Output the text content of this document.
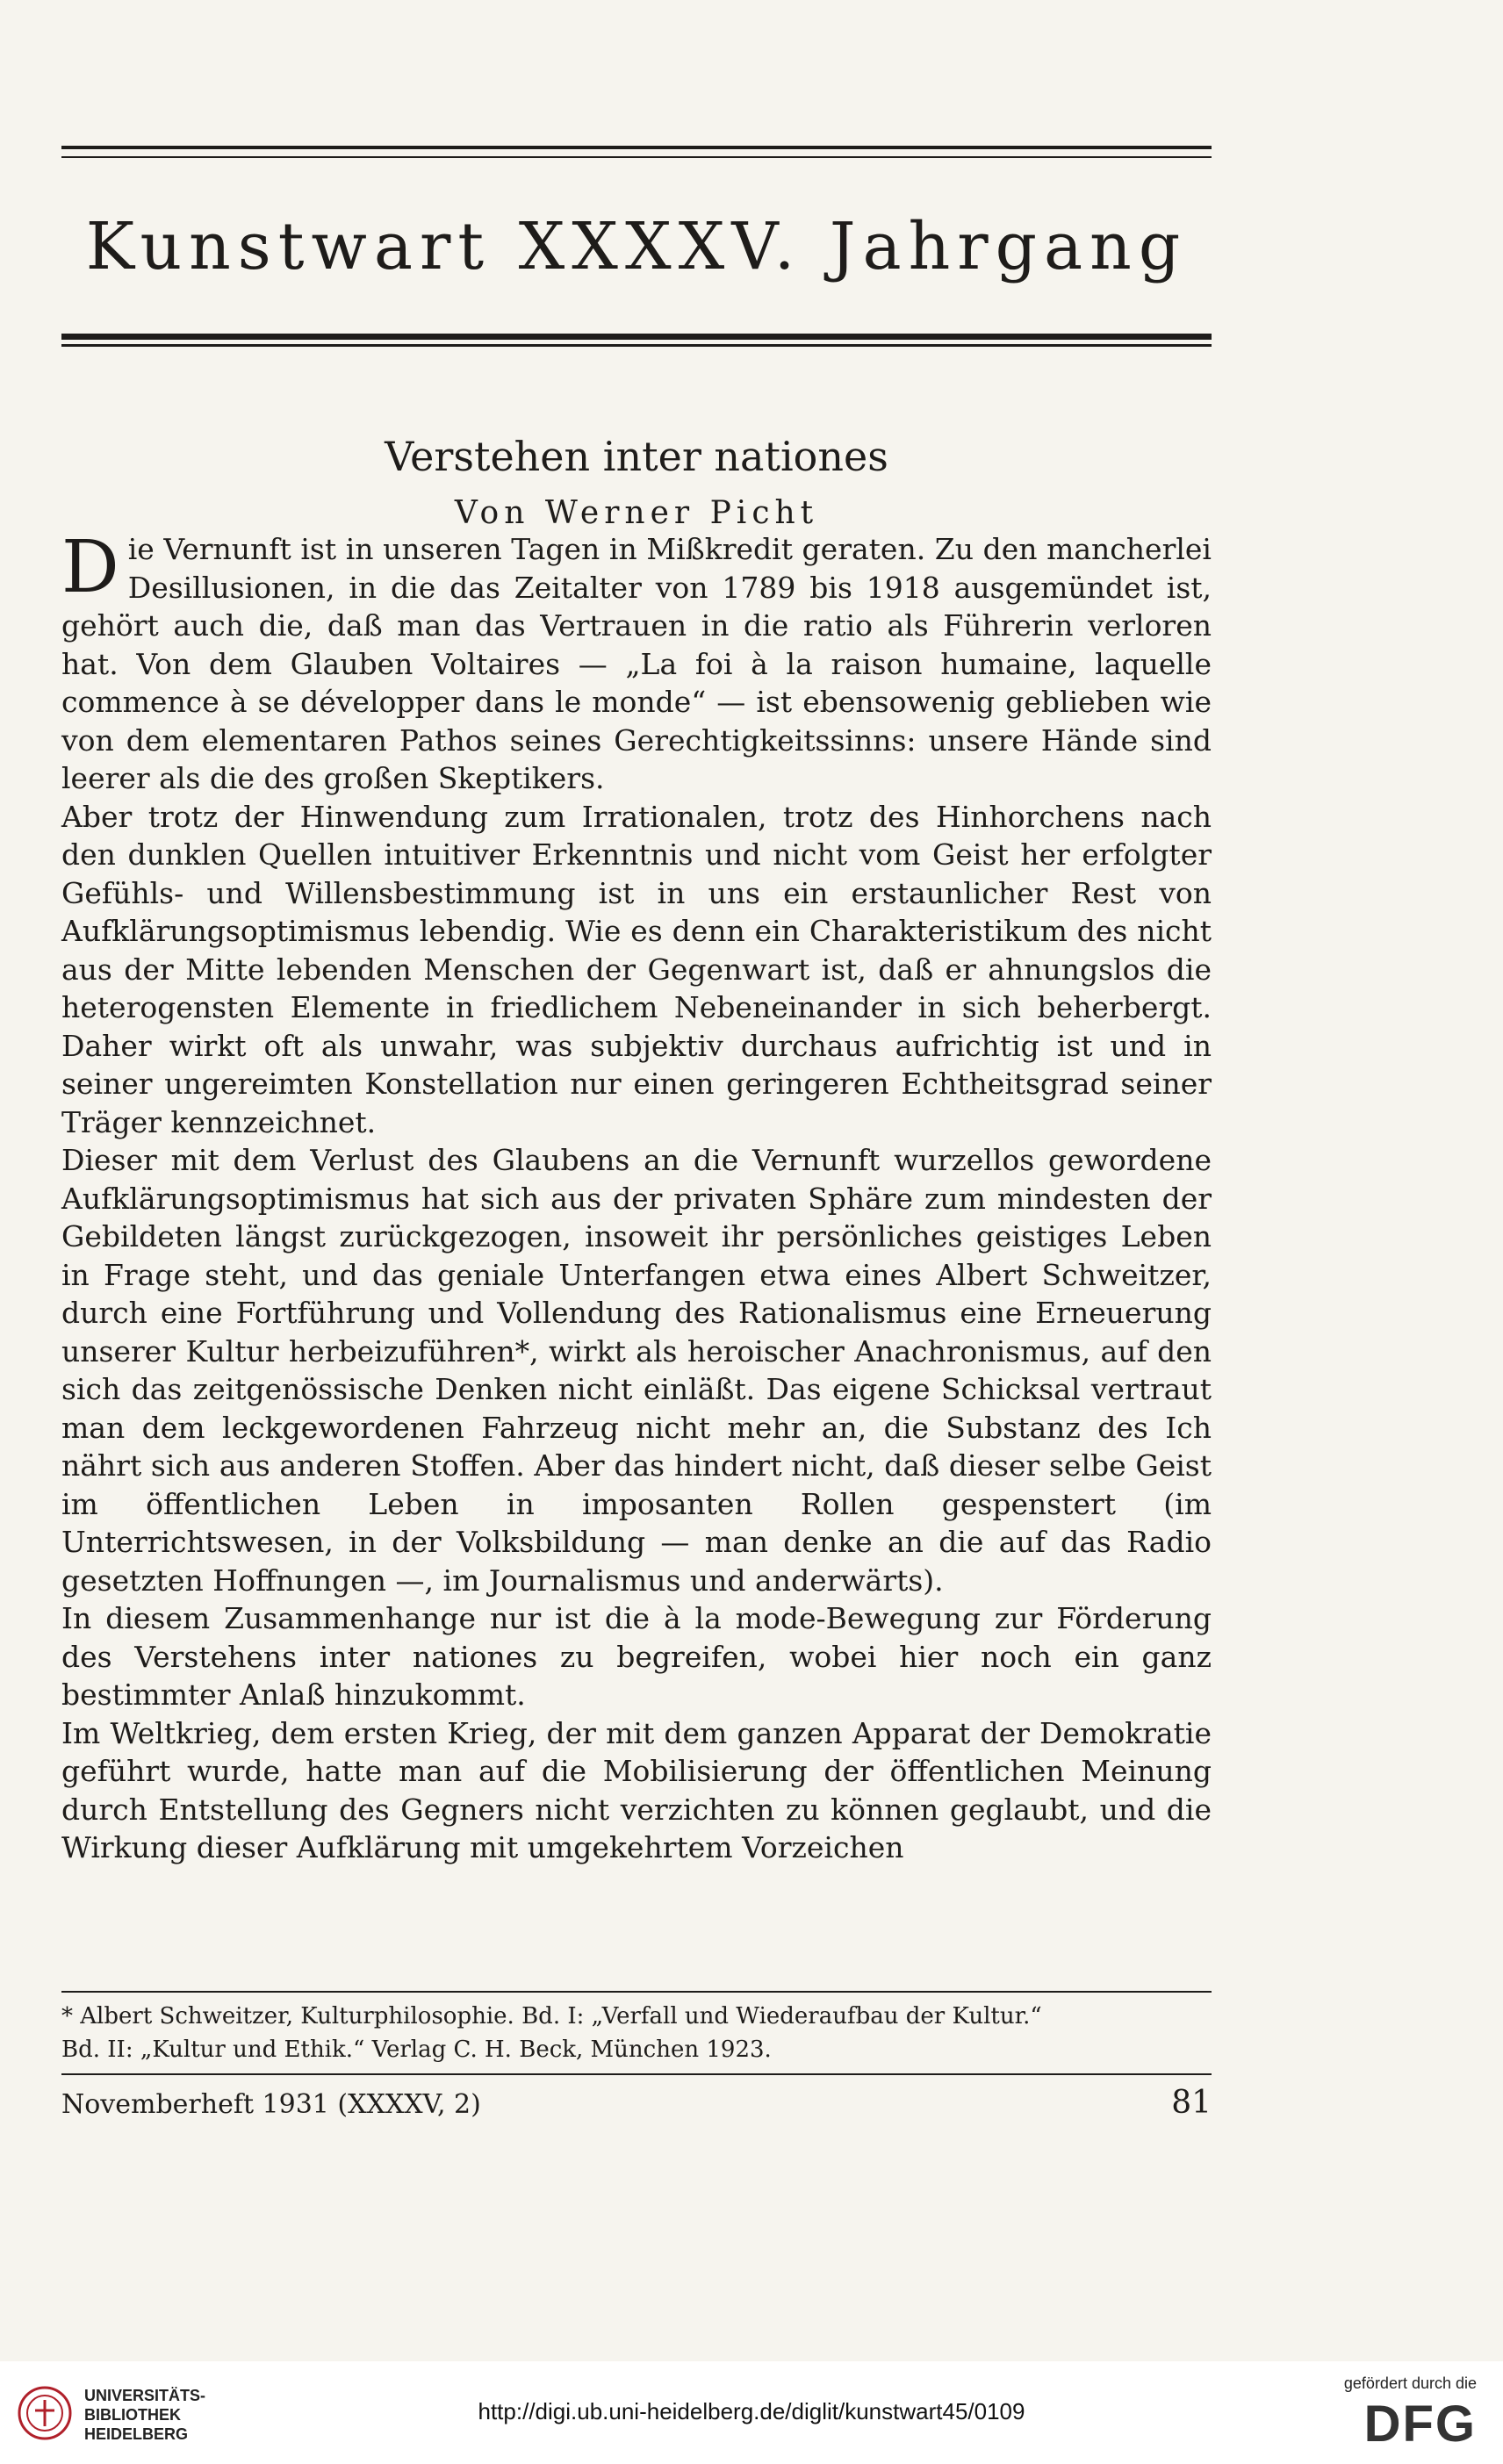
Kunstwart XXXXV. Jahrgang
Verstehen inter nationes
Von Werner Picht

Die Vernunft ist in unseren Tagen in Mißkredit geraten. Zu den mancherlei Desillusionen, in die das Zeitalter von 1789 bis 1918 ausgemündet ist, gehört auch die, daß man das Vertrauen in die ratio als Führerin verloren hat. Von dem Glauben Voltaires — „La foi à la raison humaine, laquelle commence à se développer dans le monde“ — ist ebensowenig geblieben wie von dem elementaren Pathos seines Gerechtigkeitssinns: unsere Hände sind leerer als die des großen Skeptikers.

Aber trotz der Hinwendung zum Irrationalen, trotz des Hinhorchens nach den dunklen Quellen intuitiver Erkenntnis und nicht vom Geist her erfolgter Gefühls- und Willensbestimmung ist in uns ein erstaunlicher Rest von Aufklärungsoptimismus lebendig. Wie es denn ein Charakteristikum des nicht aus der Mitte lebenden Menschen der Gegenwart ist, daß er ahnungslos die heterogensten Elemente in friedlichem Nebeneinander in sich beherbergt. Daher wirkt oft als unwahr, was subjektiv durchaus aufrichtig ist und in seiner ungereimten Konstellation nur einen geringeren Echtheitsgrad seiner Träger kennzeichnet.

Dieser mit dem Verlust des Glaubens an die Vernunft wurzellos gewordene Aufklärungsoptimismus hat sich aus der privaten Sphäre zum mindesten der Gebildeten längst zurückgezogen, insoweit ihr persönliches geistiges Leben in Frage steht, und das geniale Unterfangen etwa eines Albert Schweitzer, durch eine Fortführung und Vollendung des Rationalismus eine Erneuerung unserer Kultur herbeizuführen*, wirkt als heroischer Anachronismus, auf den sich das zeitgenössische Denken nicht einläßt. Das eigene Schicksal vertraut man dem leckgewordenen Fahrzeug nicht mehr an, die Substanz des Ich nährt sich aus anderen Stoffen. Aber das hindert nicht, daß dieser selbe Geist im öffentlichen Leben in imposanten Rollen gespenstert (im Unterrichtswesen, in der Volksbildung — man denke an die auf das Radio gesetzten Hoffnungen —, im Journalismus und anderwärts).

In diesem Zusammenhange nur ist die à la mode-Bewegung zur Förderung des Verstehens inter nationes zu begreifen, wobei hier noch ein ganz bestimmter Anlaß hinzukommt.

Im Weltkrieg, dem ersten Krieg, der mit dem ganzen Apparat der Demokratie geführt wurde, hatte man auf die Mobilisierung der öffentlichen Meinung durch Entstellung des Gegners nicht verzichten zu können geglaubt, und die Wirkung dieser Aufklärung mit umgekehrtem Vorzeichen

* Albert Schweitzer, Kulturphilosophie. Bd. I: „Verfall und Wiederaufbau der Kultur.“
Bd. II: „Kultur und Ethik.“ Verlag C. H. Beck, München 1923.
Novemberheft 1931 (XXXXV, 2)	81
UNIVERSITÄTS-
BIBLIOTHEK
HEIDELBERG
http://digi.ub.uni-heidelberg.de/diglit/kunstwart45/0109
gefördert durch die
DFG
